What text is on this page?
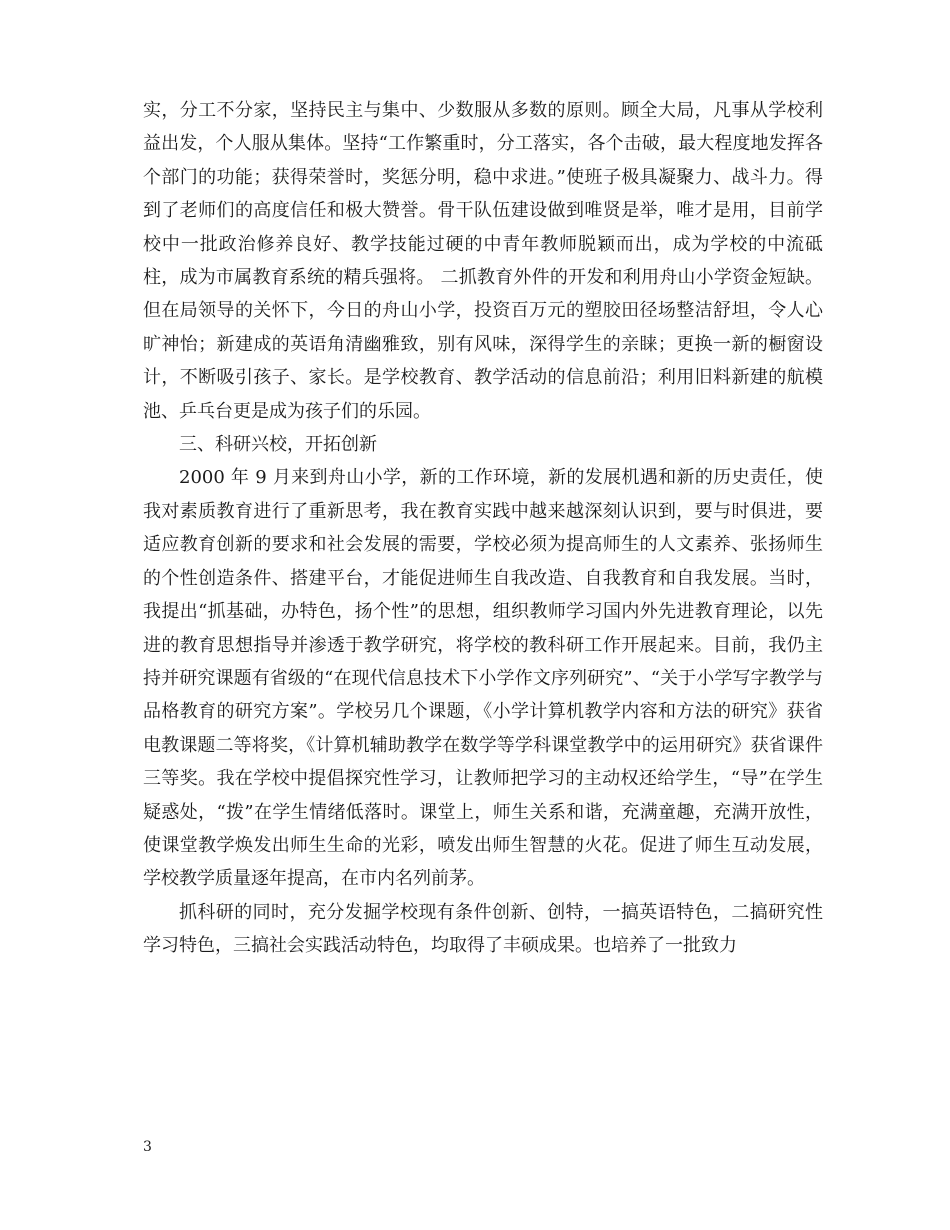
实，分工不分家，坚持民主与集中、少数服从多数的原则。顾全大局，凡事从学校利益出发，个人服从集体。坚持“工作繁重时，分工落实，各个击破，最大程度地发挥各个部门的功能；获得荣誉时，奖惩分明，稳中求进。”使班子极具凝聚力、战斗力。得到了老师们的高度信任和极大赞誉。骨干队伍建设做到唯贤是举，唯才是用，目前学校中一批政治修养良好、教学技能过硬的中青年教师脱颖而出，成为学校的中流砥柱，成为市属教育系统的精兵强将。 二抓教育外件的开发和利用舟山小学资金短缺。但在局领导的关怀下，今日的舟山小学，投资百万元的塑胶田径场整洁舒坦，令人心旷神怡；新建成的英语角清幽雅致，别有风味，深得学生的亲睐；更换一新的橱窗设计，不断吸引孩子、家长。是学校教育、教学活动的信息前沿；利用旧料新建的航模池、乒乓台更是成为孩子们的乐园。

三、科研兴校，开拓创新

2000 年 9 月来到舟山小学，新的工作环境，新的发展机遇和新的历史责任，使我对素质教育进行了重新思考，我在教育实践中越来越深刻认识到，要与时俱进，要适应教育创新的要求和社会发展的需要，学校必须为提高师生的人文素养、张扬师生的个性创造条件、搭建平台，才能促进师生自我改造、自我教育和自我发展。当时，我提出“抓基础，办特色，扬个性”的思想，组织教师学习国内外先进教育理论，以先进的教育思想指导并渗透于教学研究，将学校的教科研工作开展起来。目前，我仍主持并研究课题有省级的“在现代信息技术下小学作文序列研究”、“关于小学写字教学与品格教育的研究方案”。学校另几个课题，《小学计算机教学内容和方法的研究》获省电教课题二等将奖，《计算机辅助教学在数学等学科课堂教学中的运用研究》获省课件三等奖。我在学校中提倡探究性学习，让教师把学习的主动权还给学生，“导”在学生疑惑处，“拨”在学生情绪低落时。课堂上，师生关系和谐，充满童趣，充满开放性，使课堂教学焕发出师生生命的光彩，喷发出师生智慧的火花。促进了师生互动发展，学校教学质量逐年提高，在市内名列前茅。

抓科研的同时，充分发掘学校现有条件创新、创特，一搞英语特色，二搞研究性学习特色，三搞社会实践活动特色，均取得了丰硕成果。也培养了一批致力

3
